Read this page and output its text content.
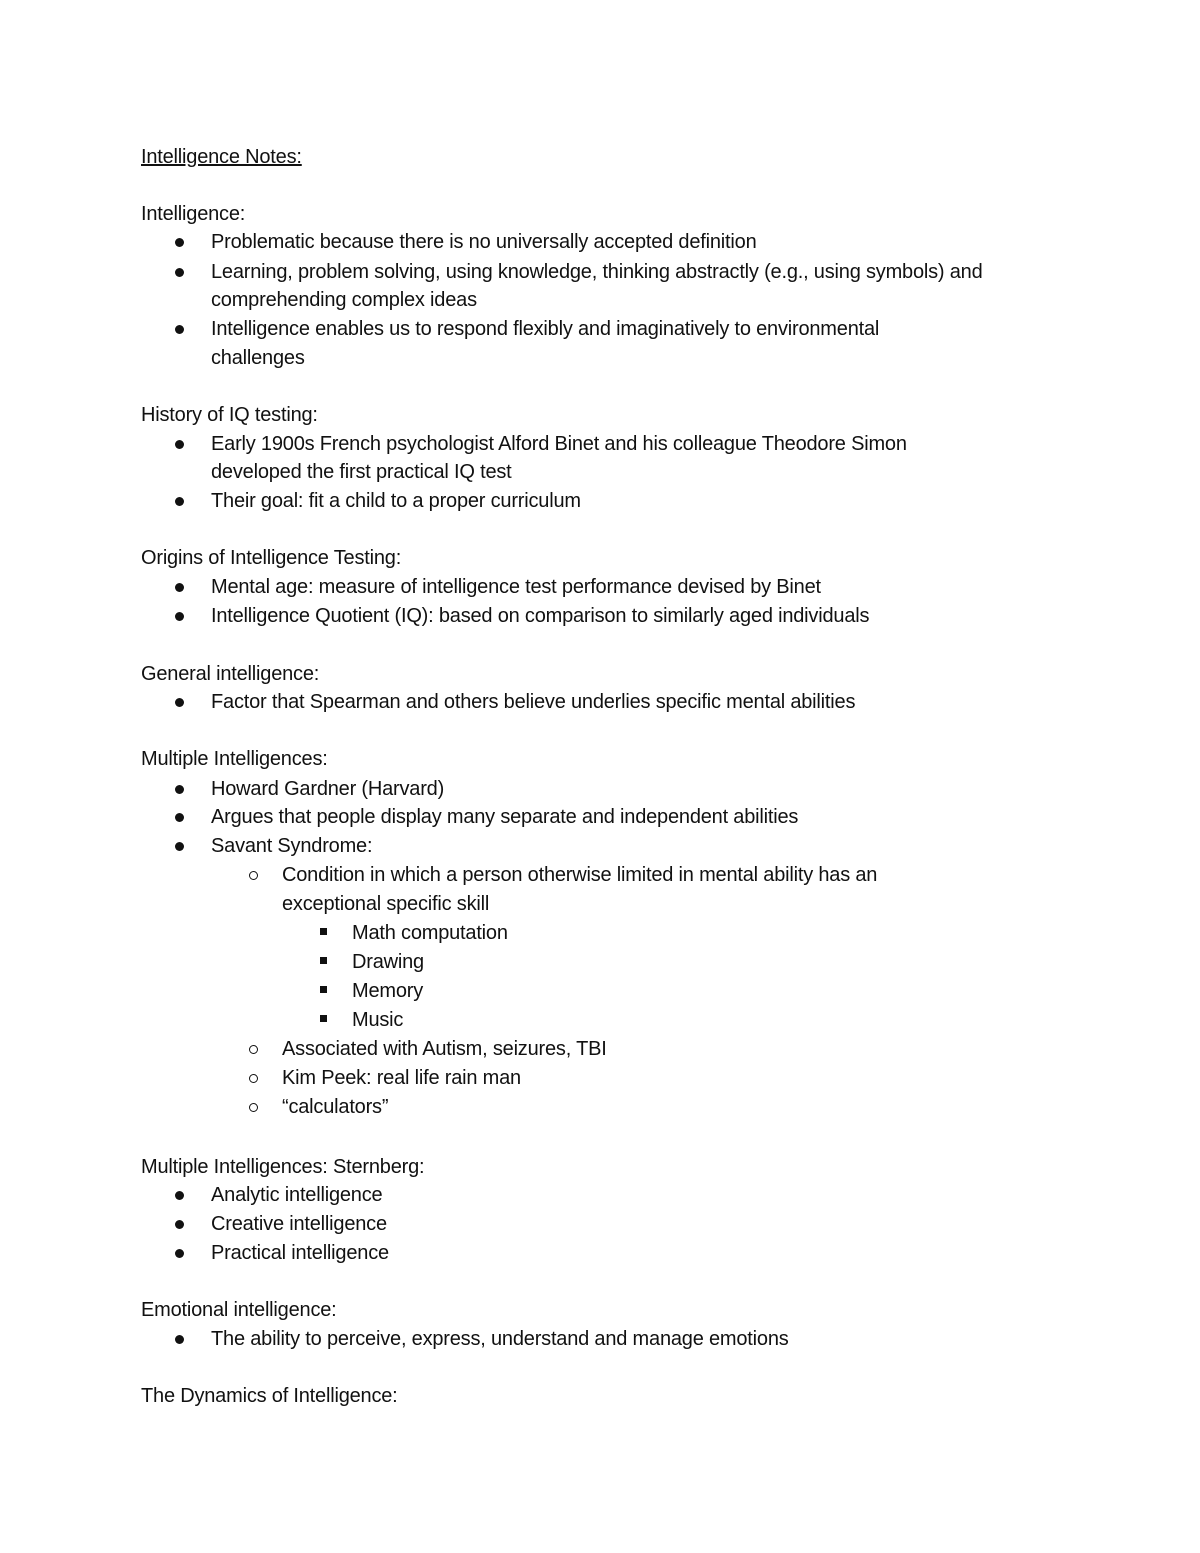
Intelligence Notes:
Intelligence:
Problematic because there is no universally accepted definition
Learning, problem solving, using knowledge, thinking abstractly (e.g., using symbols) and
comprehending complex ideas
Intelligence enables us to respond flexibly and imaginatively to environmental
challenges
History of IQ testing:
Early 1900s French psychologist Alford Binet and his colleague Theodore Simon
developed the first practical IQ test
Their goal: fit a child to a proper curriculum
Origins of Intelligence Testing:
Mental age: measure of intelligence test performance devised by Binet
Intelligence Quotient (IQ): based on comparison to similarly aged individuals
General intelligence:
Factor that Spearman and others believe underlies specific mental abilities
Multiple Intelligences:
Howard Gardner (Harvard)
Argues that people display many separate and independent abilities
Savant Syndrome:
Condition in which a person otherwise limited in mental ability has an
exceptional specific skill
Math computation
Drawing
Memory
Music
Associated with Autism, seizures, TBI
Kim Peek: real life rain man
“calculators”
Multiple Intelligences: Sternberg:
Analytic intelligence
Creative intelligence
Practical intelligence
Emotional intelligence:
The ability to perceive, express, understand and manage emotions
The Dynamics of Intelligence:
